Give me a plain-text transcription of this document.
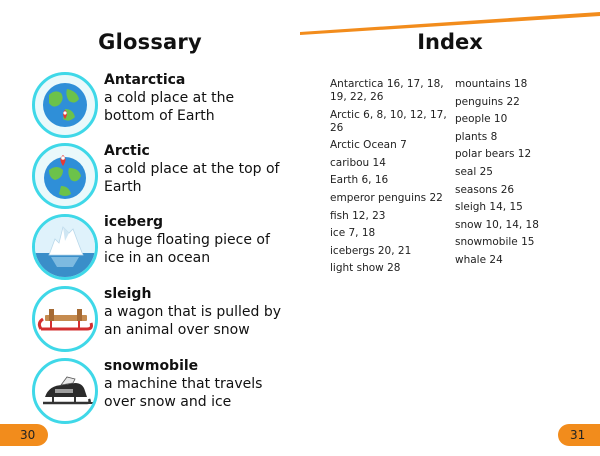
Glossary	Index
Antarctica
a cold place at the bottom of Earth
Arctic
a cold place at the top of Earth
iceberg
a huge floating piece of ice in an ocean
sleigh
a wagon that is pulled by an animal over snow
snowmobile
a machine that travels over snow and ice
Antarctica 16, 17, 18, 19, 22, 26
Arctic 6, 8, 10, 12, 17, 26
Arctic Ocean 7
caribou 14
Earth 6, 16
emperor penguins 22
fish 12, 23
ice 7, 18
icebergs 20, 21
light show 28
mountains 18
penguins 22
people 10
plants 8
polar bears 12
seal 25
seasons 26
sleigh 14, 15
snow 10, 14, 18
snowmobile 15
whale 24
30	31
